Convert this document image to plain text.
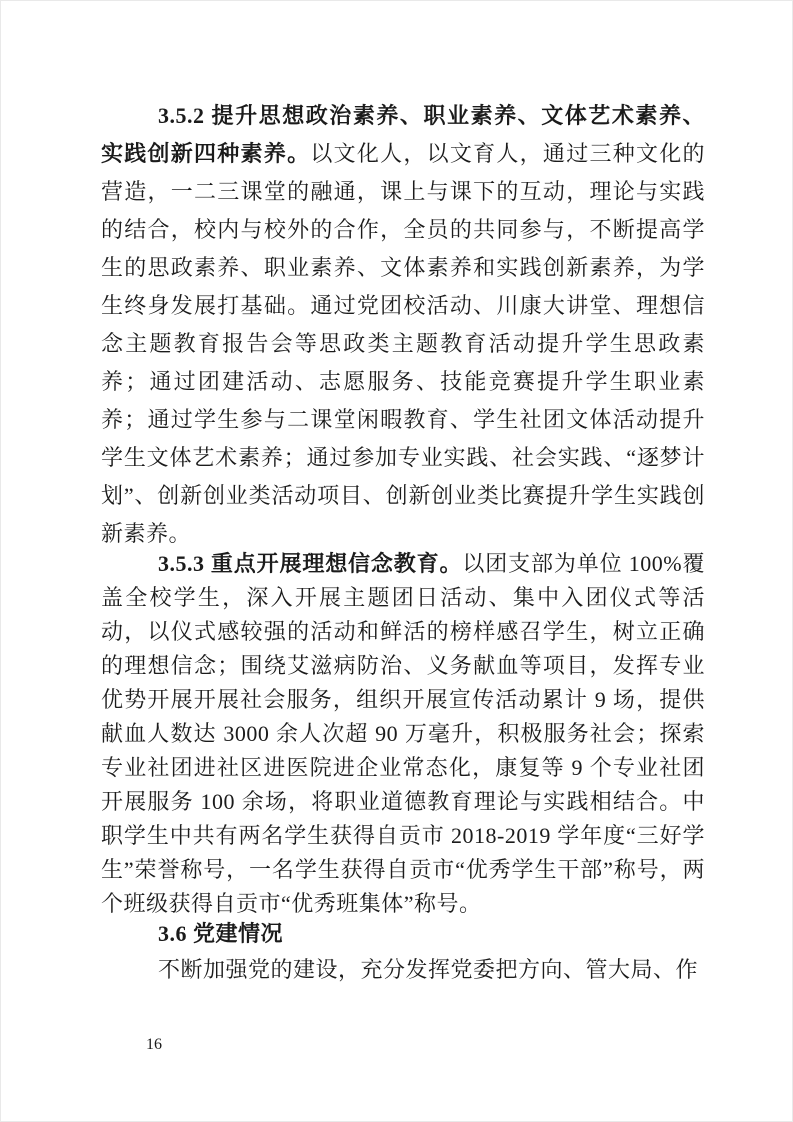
3.5.2 提升思想政治素养、职业素养、文体艺术素养、实践创新四种素养。以文化人，以文育人，通过三种文化的营造，一二三课堂的融通，课上与课下的互动，理论与实践的结合，校内与校外的合作，全员的共同参与，不断提高学生的思政素养、职业素养、文体素养和实践创新素养，为学生终身发展打基础。通过党团校活动、川康大讲堂、理想信念主题教育报告会等思政类主题教育活动提升学生思政素养；通过团建活动、志愿服务、技能竞赛提升学生职业素养；通过学生参与二课堂闲暇教育、学生社团文体活动提升学生文体艺术素养；通过参加专业实践、社会实践、“逐梦计划”、创新创业类活动项目、创新创业类比赛提升学生实践创新素养。

3.5.3 重点开展理想信念教育。以团支部为单位 100%覆盖全校学生，深入开展主题团日活动、集中入团仪式等活动，以仪式感较强的活动和鲜活的榜样感召学生，树立正确的理想信念；围绕艾滋病防治、义务献血等项目，发挥专业优势开展开展社会服务，组织开展宣传活动累计 9 场，提供献血人数达 3000 余人次超 90 万毫升，积极服务社会；探索专业社团进社区进医院进企业常态化，康复等 9 个专业社团开展服务 100 余场，将职业道德教育理论与实践相结合。中职学生中共有两名学生获得自贡市 2018-2019 学年度“三好学生”荣誉称号，一名学生获得自贡市“优秀学生干部”称号，两个班级获得自贡市“优秀班集体”称号。

3.6 党建情况

不断加强党的建设，充分发挥党委把方向、管大局、作

16
